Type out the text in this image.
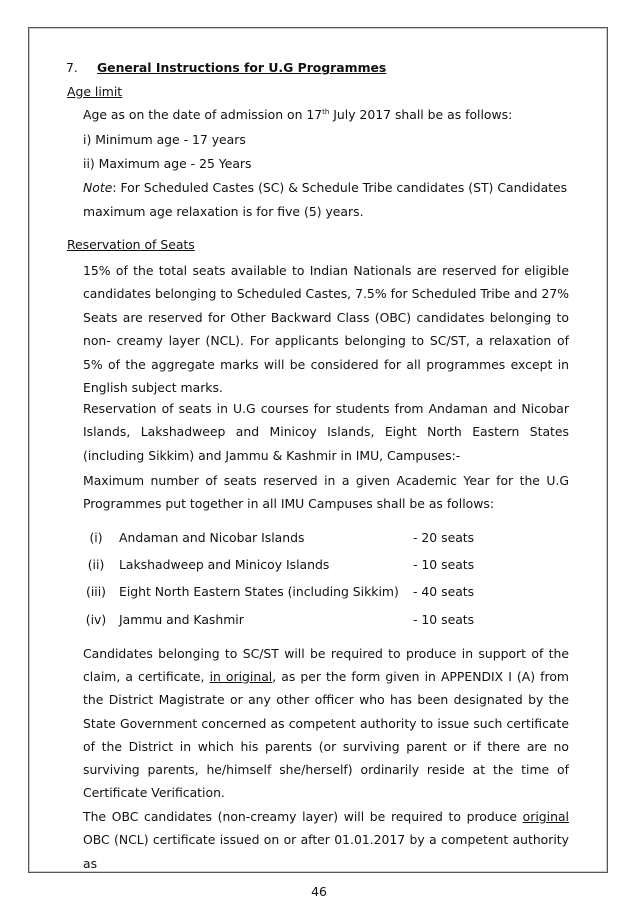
7. General Instructions for U.G Programmes
Age limit
Age as on the date of admission on 17th July 2017 shall be as follows:
i) Minimum age - 17 years
ii) Maximum age - 25 Years
Note: For Scheduled Castes (SC) & Schedule Tribe candidates (ST) Candidates
maximum age relaxation is for five (5) years.
Reservation of Seats
15% of the total seats available to Indian Nationals are reserved for eligible candidates belonging to Scheduled Castes, 7.5% for Scheduled Tribe and 27% Seats are reserved for Other Backward Class (OBC) candidates belonging to non- creamy layer (NCL). For applicants belonging to SC/ST, a relaxation of 5% of the aggregate marks will be considered for all programmes except in English subject marks.
Reservation of seats in U.G courses for students from Andaman and Nicobar Islands, Lakshadweep and Minicoy Islands, Eight North Eastern States (including Sikkim) and Jammu & Kashmir in IMU, Campuses:-
Maximum number of seats reserved in a given Academic Year for the U.G Programmes put together in all IMU Campuses shall be as follows:
(i)	Andaman and Nicobar Islands	- 20 seats
(ii)	Lakshadweep and Minicoy Islands	- 10 seats
(iii)	Eight North Eastern States (including Sikkim) - 40 seats
(iv)	Jammu and Kashmir	- 10 seats
Candidates belonging to SC/ST will be required to produce in support of the claim, a certificate, in original, as per the form given in APPENDIX I (A) from the District Magistrate or any other officer who has been designated by the State Government concerned as competent authority to issue such certificate of the District in which his parents (or surviving parent or if there are no surviving parents, he/himself she/herself) ordinarily reside at the time of Certificate Verification.
The OBC candidates (non-creamy layer) will be required to produce original OBC (NCL) certificate issued on or after 01.01.2017 by a competent authority as
46
